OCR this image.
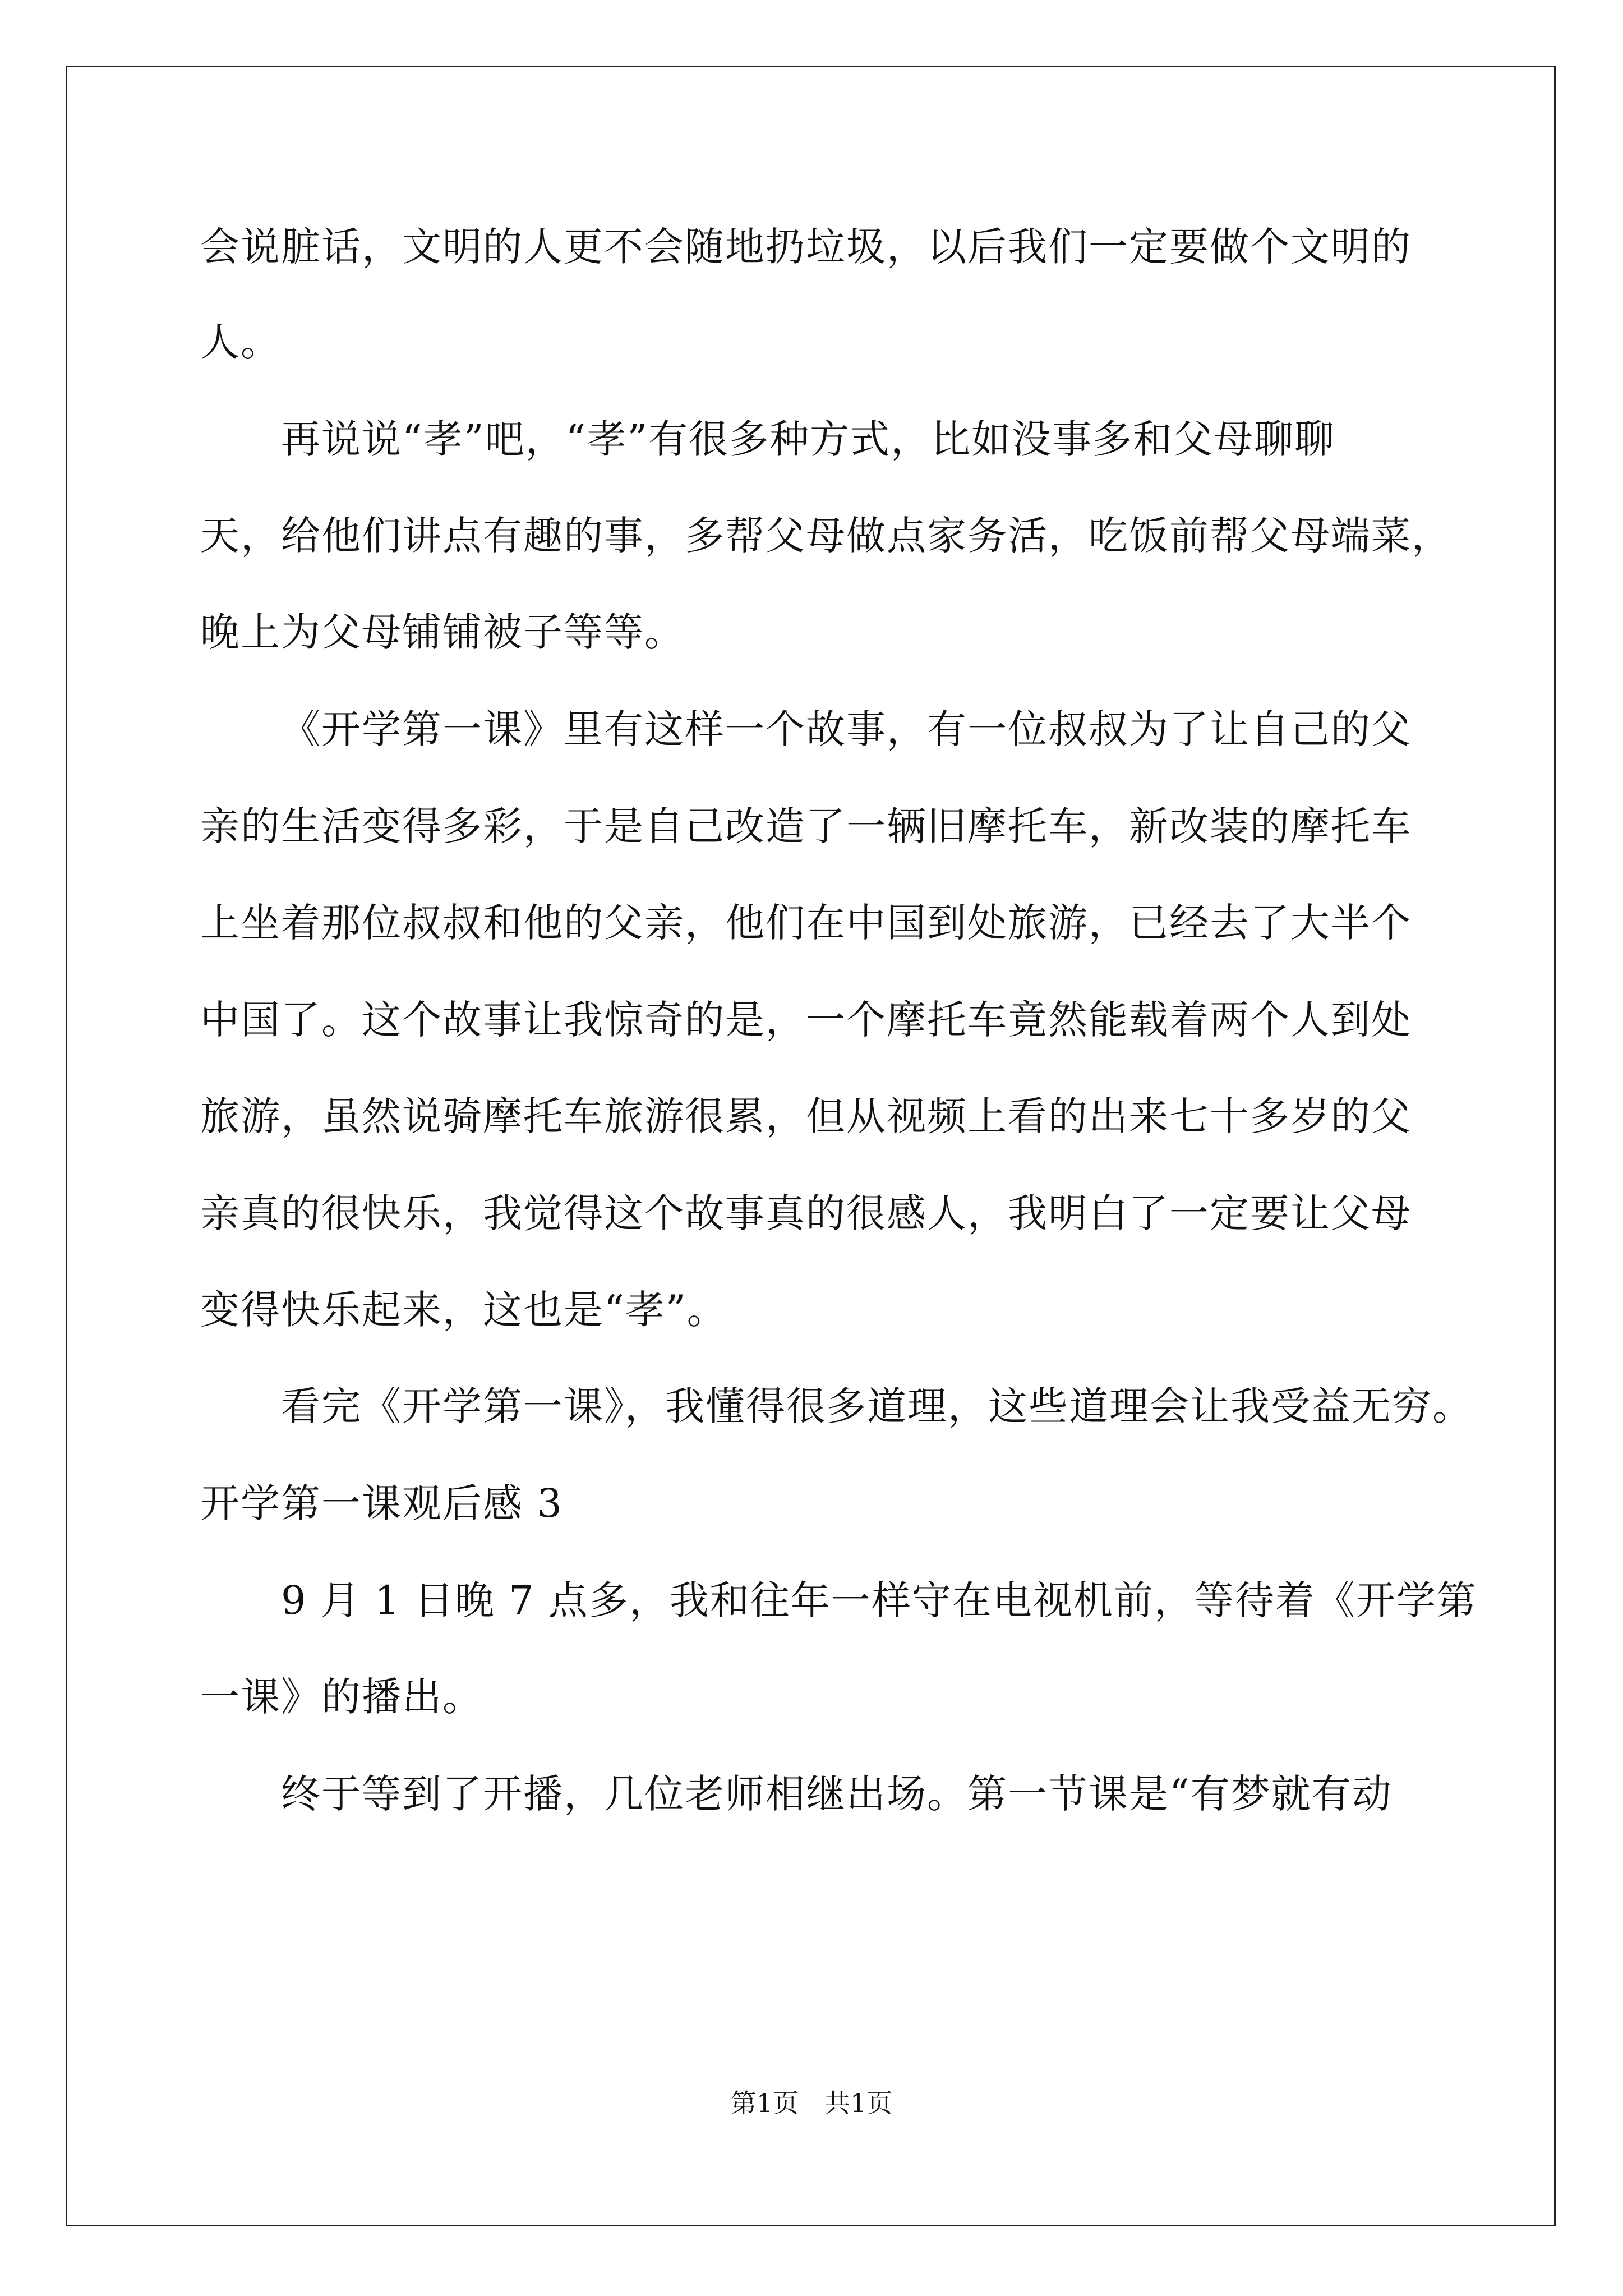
会说脏话，文明的人更不会随地扔垃圾，以后我们一定要做个文明的
人。
再说说“孝”吧，“孝”有很多种方式，比如没事多和父母聊聊
天，给他们讲点有趣的事，多帮父母做点家务活，吃饭前帮父母端菜，
晚上为父母铺铺被子等等。
《开学第一课》里有这样一个故事，有一位叔叔为了让自己的父
亲的生活变得多彩，于是自己改造了一辆旧摩托车，新改装的摩托车
上坐着那位叔叔和他的父亲，他们在中国到处旅游，已经去了大半个
中国了。这个故事让我惊奇的是，一个摩托车竟然能载着两个人到处
旅游，虽然说骑摩托车旅游很累，但从视频上看的出来七十多岁的父
亲真的很快乐，我觉得这个故事真的很感人，我明白了一定要让父母
变得快乐起来，这也是“孝”。
看完《开学第一课》，我懂得很多道理，这些道理会让我受益无穷。
开学第一课观后感 3
9 月 1 日晚 7 点多，我和往年一样守在电视机前，等待着《开学第
一课》的播出。
终于等到了开播，几位老师相继出场。第一节课是“有梦就有动
第1页　共1页
